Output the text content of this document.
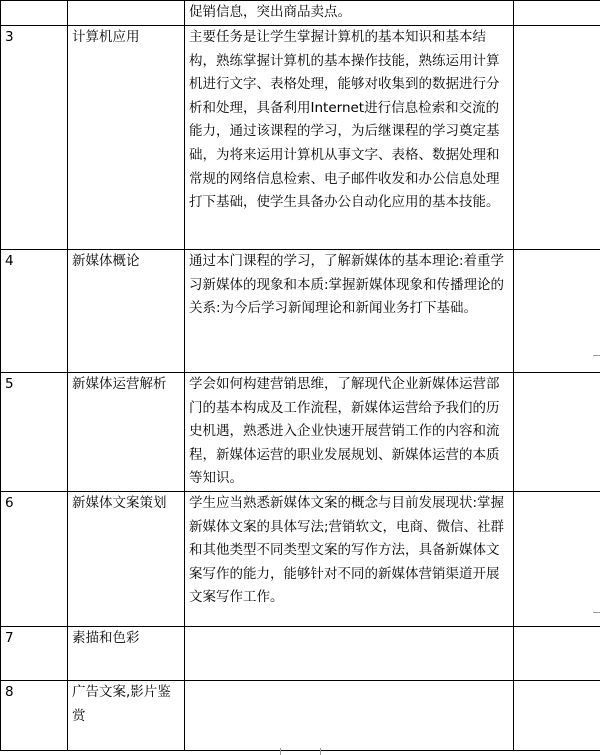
		促销信息，突出商品卖点。	
3	计算机应用	主要任务是让学生掌握计算机的基本知识和基本结构，熟练掌握计算机的基本操作技能，熟练运用计算机进行文字、表格处理，能够对收集到的数据进行分析和处理，具备利用Internet进行信息检索和交流的能力，通过该课程的学习，为后继课程的学习奠定基础，为将来运用计算机从事文字、表格、数据处理和常规的网络信息检索、电子邮件收发和办公信息处理打下基础，使学生具备办公自动化应用的基本技能。	
4	新媒体概论	通过本门课程的学习，了解新媒体的基本理论:着重学习新媒体的现象和本质:掌握新媒体现象和传播理论的关系:为今后学习新闻理论和新闻业务打下基础。	
5	新媒体运营解析	学会如何构建营销思维，了解现代企业新媒体运营部门的基本构成及工作流程，新媒体运营给予我们的历史机遇，熟悉进入企业快速开展营销工作的内容和流程，新媒体运营的职业发展规划、新媒体运营的本质等知识。	
6	新媒体文案策划	学生应当熟悉新媒体文案的概念与目前发展现状:掌握新媒体文案的具体写法;营销软文，电商、微信、社群和其他类型不同类型文案的写作方法，具备新媒体文案写作的能力，能够针对不同的新媒体营销渠道开展文案写作工作。	
7	素描和色彩		
8	广告文案,影片鉴赏		
